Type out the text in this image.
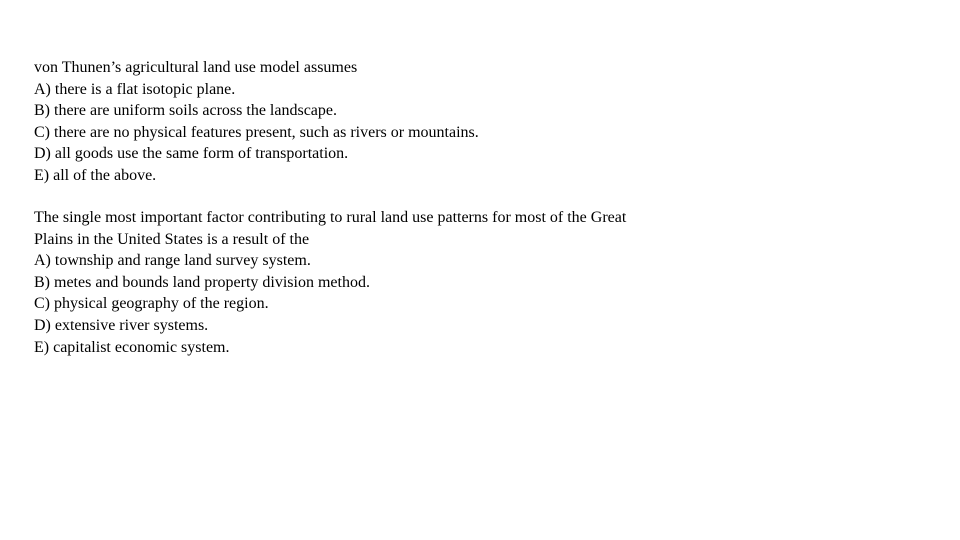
von Thunen’s agricultural land use model assumes
A) there is a flat isotopic plane.
B) there are uniform soils across the landscape.
C) there are no physical features present, such as rivers or mountains.
D) all goods use the same form of transportation.
E) all of the above.
The single most important factor contributing to rural land use patterns for most of the Great
Plains in the United States is a result of the
A) township and range land survey system.
B) metes and bounds land property division method.
C) physical geography of the region.
D) extensive river systems.
E) capitalist economic system.
